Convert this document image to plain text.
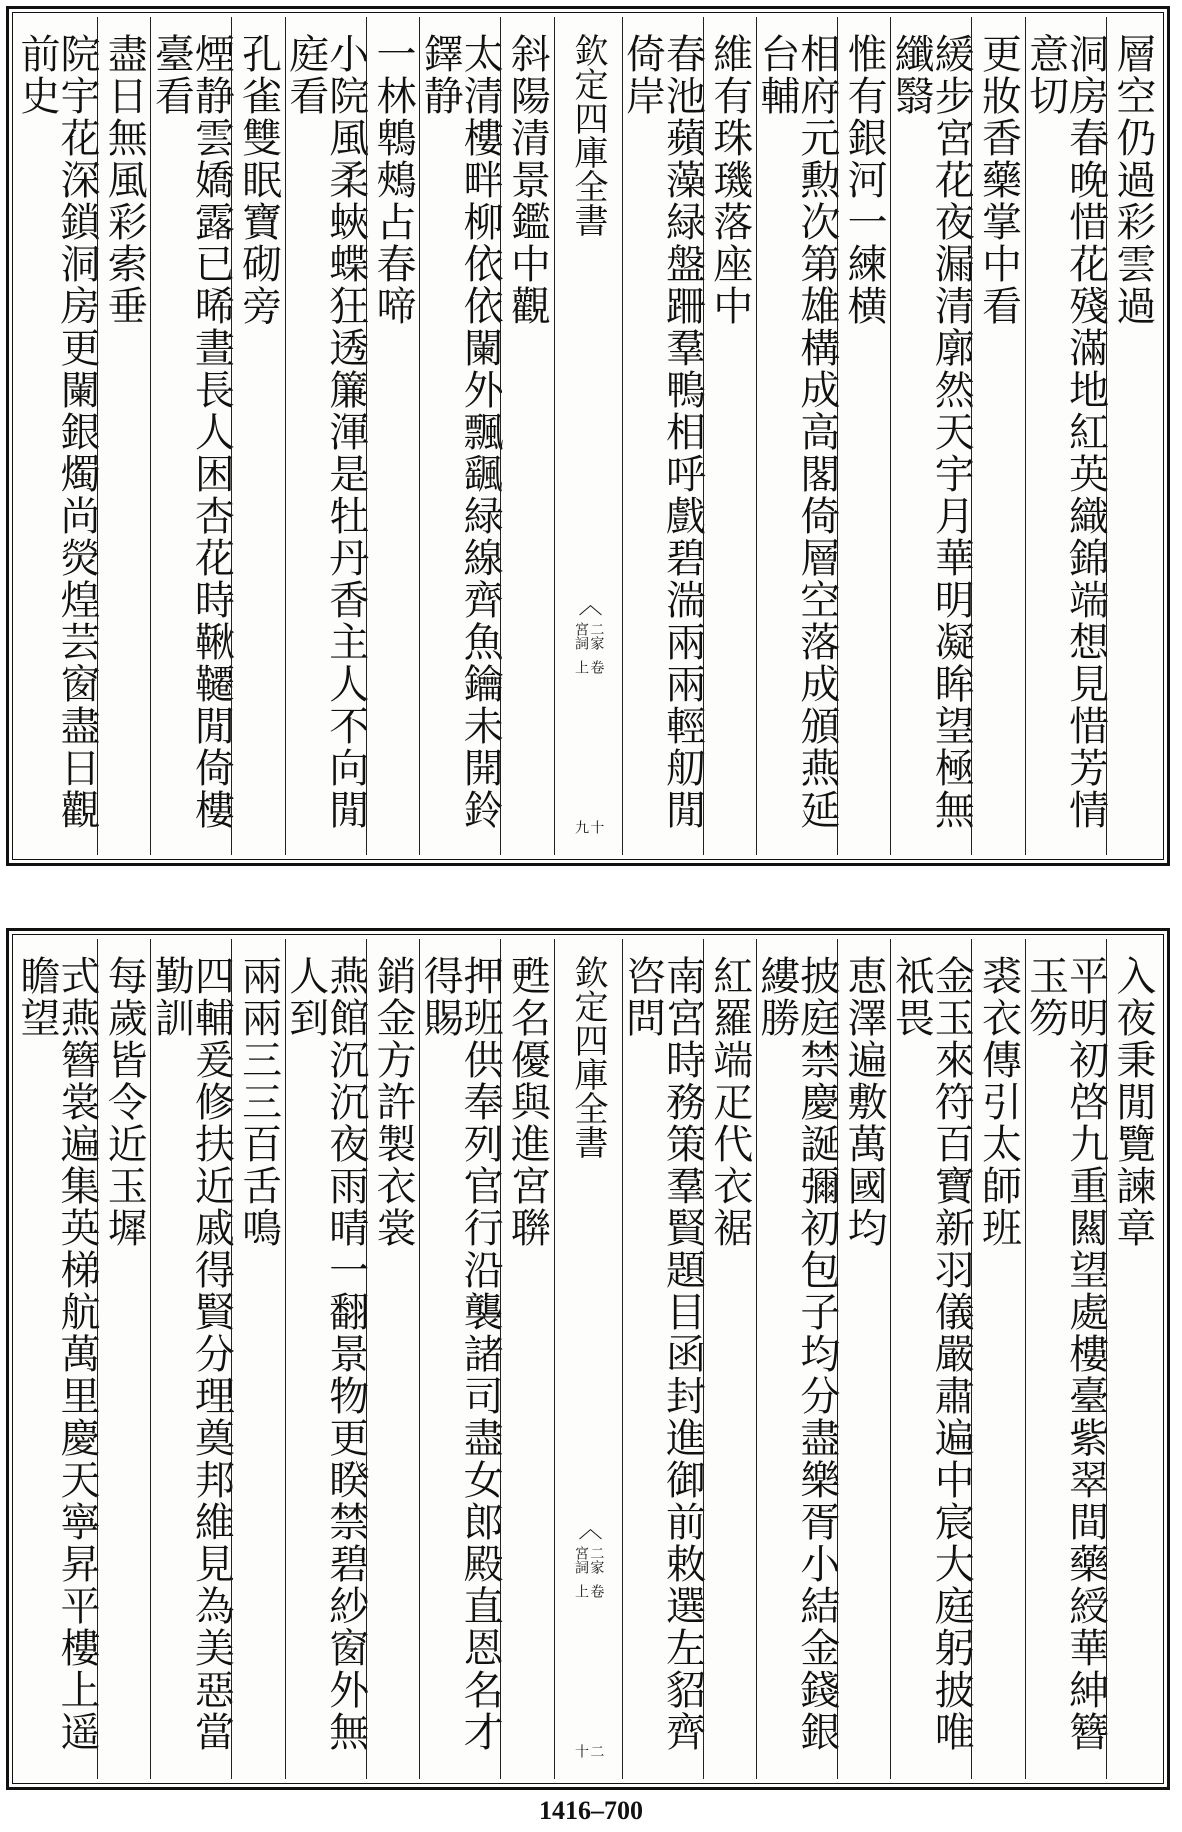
層空仍過彩雲過
洞房春晚惜花殘滿地紅英織錦端想見惜芳情意切
更妝香藥掌中看
緩步宮花夜漏清廓然天宇月華明凝眸望極無纖翳
惟有銀河一練横
相府元勲次第雄構成高閣倚層空落成頒燕延台輔
維有珠璣落座中
春池蘋藻緑盤跚羣鴨相呼戲碧湍兩兩輕舠閒倚岸
欽定四庫全書
〈
二家宮詞
卷上
十九
斜陽清景鑑中觀
太清樓畔柳依依闌外飄颻緑線齊魚鑰未開鈴鐸静
一林鵯鵊占春啼
小院風柔蛺蝶狂透簾渾是牡丹香主人不向閒庭看
孔雀雙眠寶砌旁
煙静雲嬌露已晞晝長人困杏花時鞦韆閒倚樓臺看
盡日無風彩索垂
院宇花深鎖洞房更闌銀燭尚熒煌芸窗盡日觀前史
入夜秉閒覽諫章
平明初啓九重闗望處樓臺紫翠間藥綬華紳簪玉笏
裘衣傳引太師班
金玉來符百寶新羽儀嚴肅遍中宸大庭躬披唯祇畏
恵澤遍敷萬國均
披庭禁慶誕彌初包子均分盡樂胥小結金錢銀縷勝
紅羅端疋代衣裾
南宮時務策羣賢題目函封進御前敕選左貂齊咨問
欽定四庫全書
〈
二家宮詞
卷上
二十
甦名優與進宮聨
押班供奉列官行沿襲諸司盡女郎殿直恩名才得賜
銷金方許製衣裳
燕館沉沉夜雨晴一翻景物更睽禁碧紗窗外無人到
兩兩三三百舌鳴
四輔爰修扶近戚得賢分理奠邦維見為美惡當勤訓
每歲皆令近玉墀
式燕簪裳遍集英梯航萬里慶天寧昇平樓上遥瞻望
1416–700
